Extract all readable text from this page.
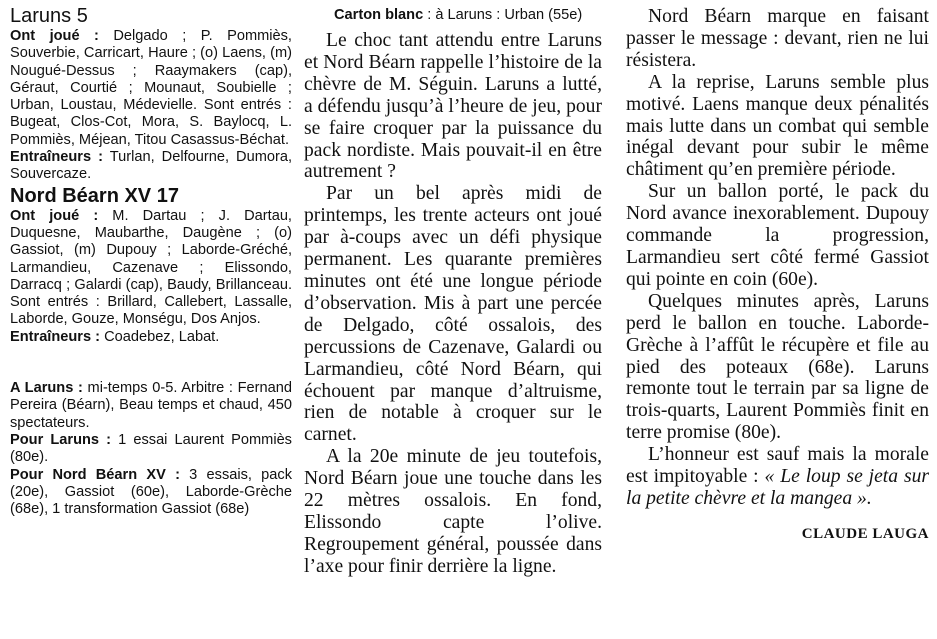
Laruns 5

Ont joué : Delgado ; P. Pommiès, Souverbie, Carricart, Haure ; (o) Laens, (m) Nougué-Dessus ; Raaymakers (cap), Géraut, Courtié ; Mounaut, Soubielle ; Urban, Loustau, Médevielle. Sont entrés : Bugeat, Clos-Cot, Mora, S. Baylocq, L. Pommiès, Méjean, Titou Casassus-Béchat.

Entraîneurs : Turlan, Delfourne, Dumora, Souvercaze.

Nord Béarn XV 17

Ont joué : M. Dartau ; J. Dartau, Duquesne, Maubarthe, Daugène ; (o) Gassiot, (m) Dupouy ; Laborde-Gréché, Larmandieu, Cazenave ; Elissondo, Darracq ; Galardi (cap), Baudy, Brillanceau. Sont entrés : Brillard, Callebert, Lassalle, Laborde, Gouze, Monségu, Dos Anjos.

Entraîneurs : Coadebez, Labat.

A Laruns : mi-temps 0-5. Arbitre : Fernand Pereira (Béarn), Beau temps et chaud, 450 spectateurs.

Pour Laruns : 1 essai Laurent Pommiès (80e).

Pour Nord Béarn XV : 3 essais, pack (20e), Gassiot (60e), Laborde-Grèche (68e), 1 transformation Gassiot (68e)

Carton blanc : à Laruns : Urban (55e)

Le choc tant attendu entre Laruns et Nord Béarn rappelle l’histoire de la chèvre de M. Séguin. Laruns a lutté, a défendu jusqu’à l’heure de jeu, pour se faire croquer par la puissance du pack nordiste. Mais pouvait-il en être autrement ?

Par un bel après midi de printemps, les trente acteurs ont joué par à-coups avec un défi physique permanent. Les quarante premières minutes ont été une longue période d’observation. Mis à part une percée de Delgado, côté ossalois, des percussions de Cazenave, Galardi ou Larmandieu, côté Nord Béarn, qui échouent par manque d’altruisme, rien de notable à croquer sur le carnet.

A la 20e minute de jeu toutefois, Nord Béarn joue une touche dans les 22 mètres ossalois. En fond, Elissondo capte l’olive. Regroupement général, poussée dans l’axe pour finir derrière la ligne.

Nord Béarn marque en faisant passer le message : devant, rien ne lui résistera.

A la reprise, Laruns semble plus motivé. Laens manque deux pénalités mais lutte dans un combat qui semble inégal devant pour subir le même châtiment qu’en première période.

Sur un ballon porté, le pack du Nord avance inexorablement. Dupouy commande la progression, Larmandieu sert côté fermé Gassiot qui pointe en coin (60e).

Quelques minutes après, Laruns perd le ballon en touche. Laborde-Grèche à l’affût le récupère et file au pied des poteaux (68e). Laruns remonte tout le terrain par sa ligne de trois-quarts, Laurent Pommiès finit en terre promise (80e).

L’honneur est sauf mais la morale est impitoyable : « Le loup se jeta sur la petite chèvre et la mangea ».

CLAUDE LAUGA
